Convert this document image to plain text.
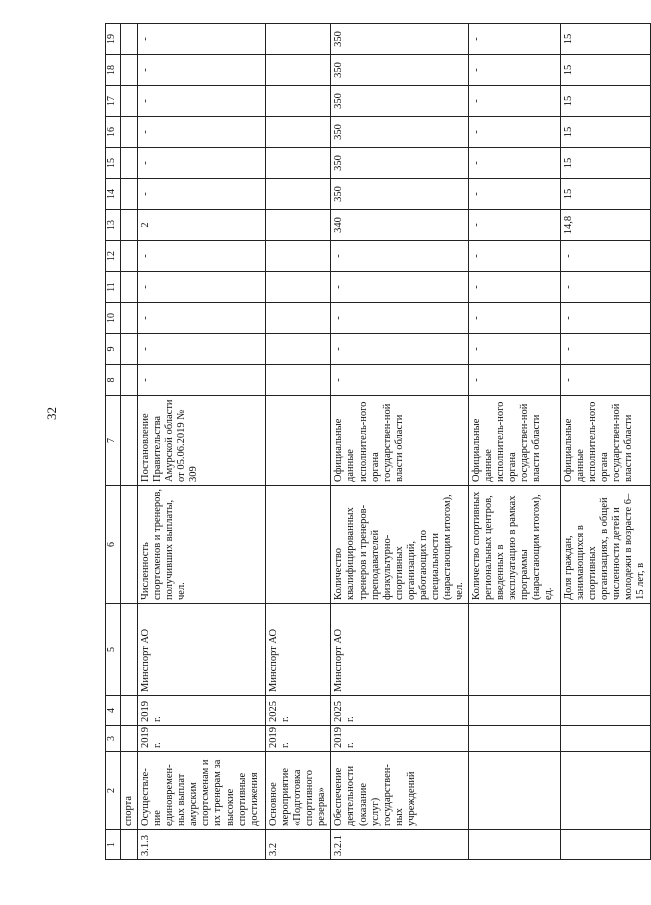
32
1	2	3	4	5	6	7	8	9	10	11	12	13	14	15	16	17	18	19
	спорта																	
3.1.3	Осуществле-ние единовремен-ных выплат амурским спортсменам и их тренерам за высокие спортивные достижения	2019 г.	2019 г.	Минспорт АО	Численность спортсменов и тренеров, получивших выплаты, чел.	Постановление Правительства Амурской области от 05.06.2019 № 309	-	-	-	-	-	2	-	-	-	-	-	-
3.2	Основное мероприятие «Подготовка спортивного резерва»	2019 г.	2025 г.	Минспорт АО														
3.2.1	Обеспечение деятельности (оказание услуг) государствен-ных учреждений	2019 г.	2025 г.	Минспорт АО	Количество квалифицированных тренеров и тренеров-преподавателей физкультурно-спортивных организаций, работающих по специальности (нарастающим итогом), чел.	Официальные данные исполнитель-ного органа государствен-ной власти области	-	-	-	-	-	340	350	350	350	350	350	350
					Количество спортивных региональных центров, введенных в эксплуатацию в рамках программы (нарастающим итогом), ед.	Официальные данные исполнитель-ного органа государствен-ной власти области	-	-	-	-	-	-	-	-	-	-	-	-
					Доля граждан, занимающихся в спортивных организациях, в общей численности детей и молодежи в возрасте 6–15 лет, в	Официальные данные исполнитель-ного органа государствен-ной власти области	-	-	-	-	-	14,8	15	15	15	15	15	15
